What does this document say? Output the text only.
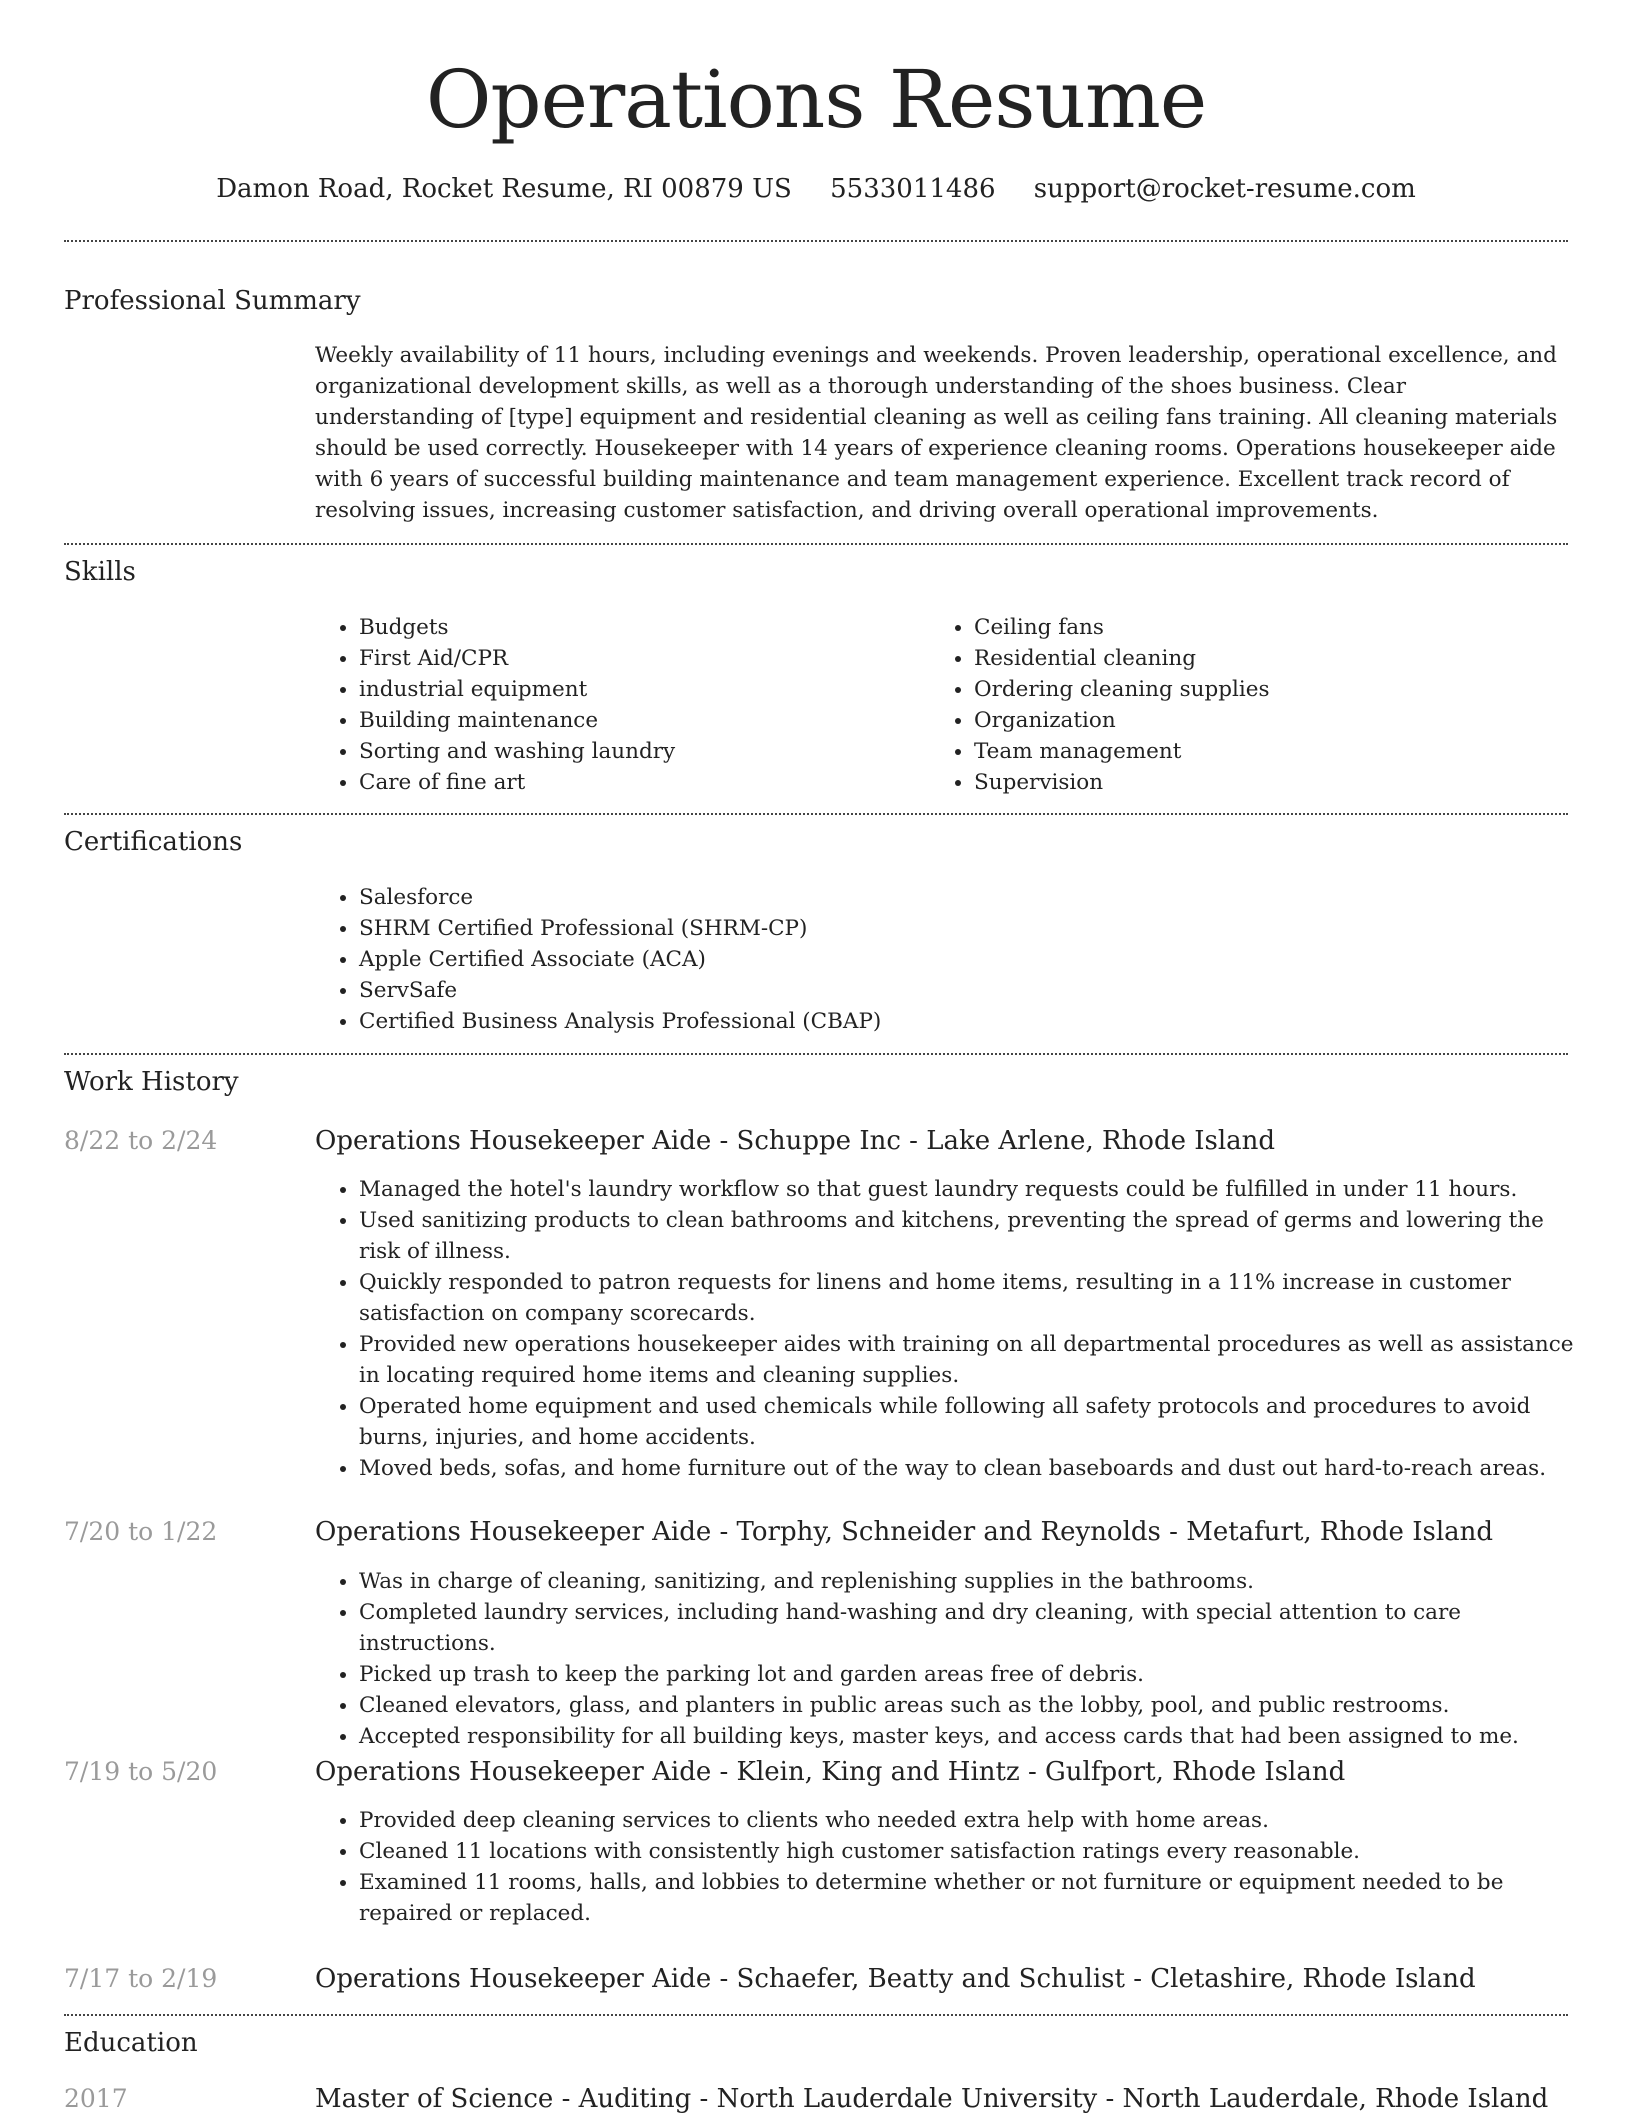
Operations Resume
Damon Road, Rocket Resume, RI 00879 US 5533011486 support@rocket-resume.com
Professional Summary

Weekly availability of 11 hours, including evenings and weekends. Proven leadership, operational excellence, and organizational development skills, as well as a thorough understanding of the shoes business. Clear understanding of [type] equipment and residential cleaning as well as ceiling fans training. All cleaning materials should be used correctly. Housekeeper with 14 years of experience cleaning rooms. Operations housekeeper aide with 6 years of successful building maintenance and team management experience. Excellent track record of resolving issues, increasing customer satisfaction, and driving overall operational improvements.

Skills
• Budgets
• First Aid/CPR
• industrial equipment
• Building maintenance
• Sorting and washing laundry
• Care of fine art
• Ceiling fans
• Residential cleaning
• Ordering cleaning supplies
• Organization
• Team management
• Supervision
Certifications
• Salesforce
• SHRM Certified Professional (SHRM-CP)
• Apple Certified Associate (ACA)
• ServSafe
• Certified Business Analysis Professional (CBAP)
Work History
8/22 to 2/24	Operations Housekeeper Aide - Schuppe Inc - Lake Arlene, Rhode Island
• Managed the hotel's laundry workflow so that guest laundry requests could be fulfilled in under 11 hours.
• Used sanitizing products to clean bathrooms and kitchens, preventing the spread of germs and lowering the risk of illness.
• Quickly responded to patron requests for linens and home items, resulting in a 11% increase in customer satisfaction on company scorecards.
• Provided new operations housekeeper aides with training on all departmental procedures as well as assistance in locating required home items and cleaning supplies.
• Operated home equipment and used chemicals while following all safety protocols and procedures to avoid burns, injuries, and home accidents.
• Moved beds, sofas, and home furniture out of the way to clean baseboards and dust out hard-to-reach areas.
7/20 to 1/22	Operations Housekeeper Aide - Torphy, Schneider and Reynolds - Metafurt, Rhode Island
• Was in charge of cleaning, sanitizing, and replenishing supplies in the bathrooms.
• Completed laundry services, including hand-washing and dry cleaning, with special attention to care instructions.
• Picked up trash to keep the parking lot and garden areas free of debris.
• Cleaned elevators, glass, and planters in public areas such as the lobby, pool, and public restrooms.
• Accepted responsibility for all building keys, master keys, and access cards that had been assigned to me.
7/19 to 5/20	Operations Housekeeper Aide - Klein, King and Hintz - Gulfport, Rhode Island
• Provided deep cleaning services to clients who needed extra help with home areas.
• Cleaned 11 locations with consistently high customer satisfaction ratings every reasonable.
• Examined 11 rooms, halls, and lobbies to determine whether or not furniture or equipment needed to be repaired or replaced.
7/17 to 2/19	Operations Housekeeper Aide - Schaefer, Beatty and Schulist - Cletashire, Rhode Island
Education
2017	Master of Science - Auditing - North Lauderdale University - North Lauderdale, Rhode Island
